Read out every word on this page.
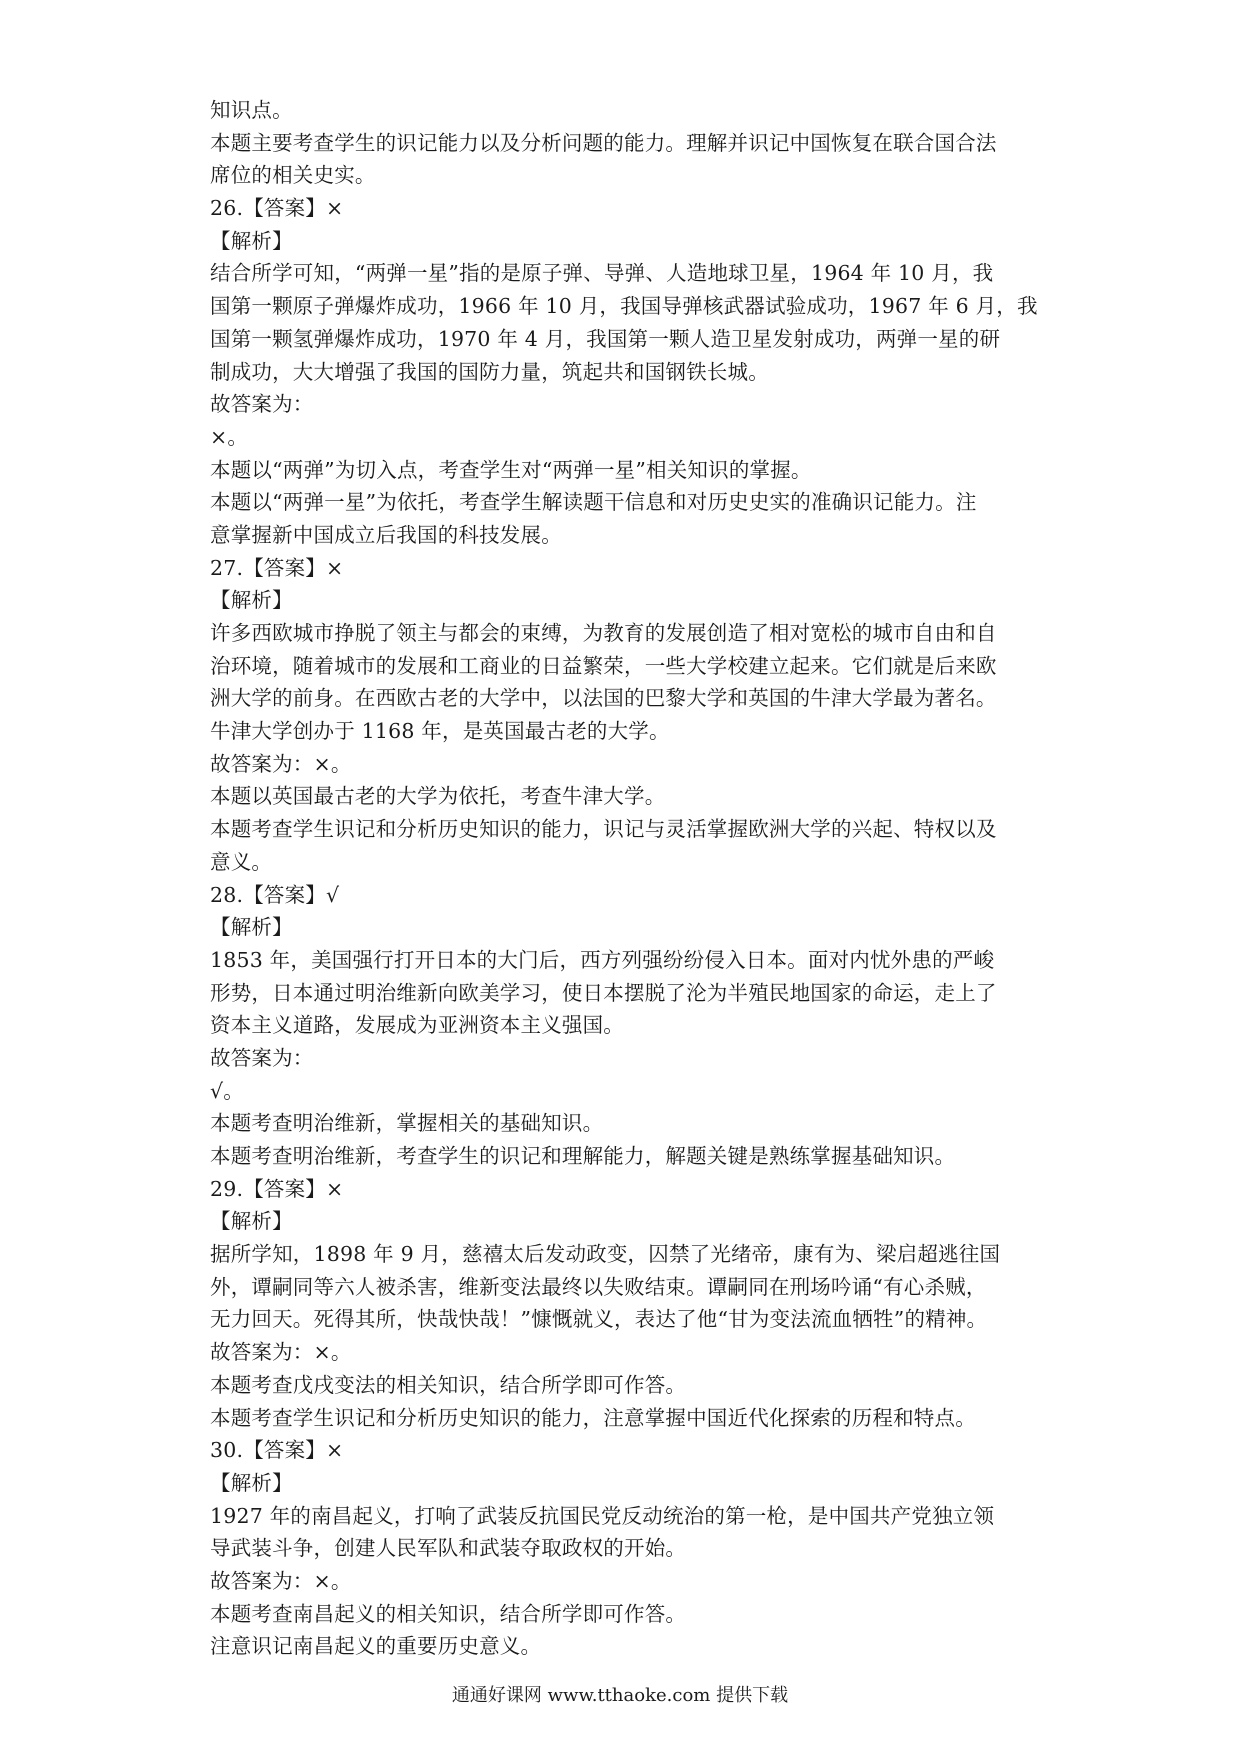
知识点。
本题主要考查学生的识记能力以及分析问题的能力。理解并识记中国恢复在联合国合法
席位的相关史实。
26.【答案】×
【解析】
结合所学可知，“两弹一星”指的是原子弹、导弹、人造地球卫星，1964 年 10 月，我
国第一颗原子弹爆炸成功，1966 年 10 月，我国导弹核武器试验成功，1967 年 6 月，我
国第一颗氢弹爆炸成功，1970 年 4 月，我国第一颗人造卫星发射成功，两弹一星的研
制成功，大大增强了我国的国防力量，筑起共和国钢铁长城。
故答案为：
×。
本题以“两弹”为切入点，考查学生对“两弹一星”相关知识的掌握。
本题以“两弹一星”为依托，考查学生解读题干信息和对历史史实的准确识记能力。注
意掌握新中国成立后我国的科技发展。
27.【答案】×
【解析】
许多西欧城市挣脱了领主与都会的束缚，为教育的发展创造了相对宽松的城市自由和自
治环境，随着城市的发展和工商业的日益繁荣，一些大学校建立起来。它们就是后来欧
洲大学的前身。在西欧古老的大学中，以法国的巴黎大学和英国的牛津大学最为著名。
牛津大学创办于 1168 年，是英国最古老的大学。
故答案为：×。
本题以英国最古老的大学为依托，考查牛津大学。
本题考查学生识记和分析历史知识的能力，识记与灵活掌握欧洲大学的兴起、特权以及
意义。
28.【答案】√
【解析】
1853 年，美国强行打开日本的大门后，西方列强纷纷侵入日本。面对内忧外患的严峻
形势，日本通过明治维新向欧美学习，使日本摆脱了沦为半殖民地国家的命运，走上了
资本主义道路，发展成为亚洲资本主义强国。
故答案为：
√。
本题考查明治维新，掌握相关的基础知识。
本题考查明治维新，考查学生的识记和理解能力，解题关键是熟练掌握基础知识。
29.【答案】×
【解析】
据所学知，1898 年 9 月，慈禧太后发动政变，囚禁了光绪帝，康有为、梁启超逃往国
外，谭嗣同等六人被杀害，维新变法最终以失败结束。谭嗣同在刑场吟诵“有心杀贼，
无力回天。死得其所，快哉快哉！”慷慨就义，表达了他“甘为变法流血牺牲”的精神。
故答案为：×。
本题考查戊戌变法的相关知识，结合所学即可作答。
本题考查学生识记和分析历史知识的能力，注意掌握中国近代化探索的历程和特点。
30.【答案】×
【解析】
1927 年的南昌起义，打响了武装反抗国民党反动统治的第一枪，是中国共产党独立领
导武装斗争，创建人民军队和武装夺取政权的开始。
故答案为：×。
本题考查南昌起义的相关知识，结合所学即可作答。
注意识记南昌起义的重要历史意义。
通通好课网 www.tthaoke.com 提供下载
